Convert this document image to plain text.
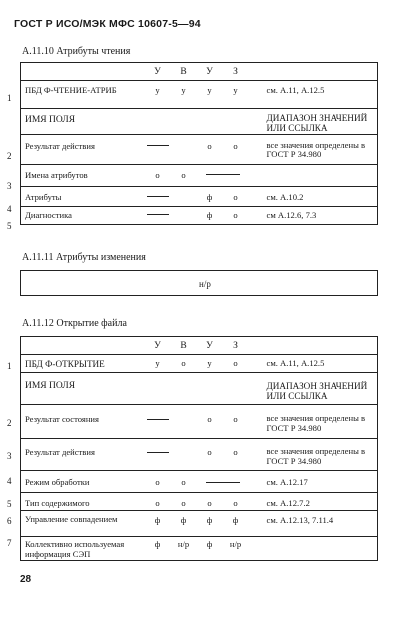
ГОСТ Р ИСО/МЭК МФС 10607-5—94
А.11.10 Атрибуты чтения
	У	В	У	З	
ПБД Ф-ЧТЕНИЕ-АТРИБ	у	у	у	у	см. А.11, А.12.5
ИМЯ ПОЛЯ					ДИАПАЗОН ЗНАЧЕНИЙ ИЛИ ССЫЛКА
Результат действия			о	о	все значения определены в ГОСТ Р 34.980
Имена атрибутов	о	о			
Атрибуты			ф	о	см. А.10.2
Диагностика			ф	о	см А.12.6, 7.3
1
2
3
4
5
А.11.11 Атрибуты изменения
н/р
А.11.12 Открытие файла
	У	В	У	З	
ПБД Ф-ОТКРЫТИЕ	у	о	у	о	см. А.11, А.12.5
ИМЯ ПОЛЯ					ДИАПАЗОН ЗНАЧЕНИЙ ИЛИ ССЫЛКА
Результат состояния			о	о	все значения определены в ГОСТ Р 34.980
Результат действия			о	о	все значения определены в ГОСТ Р 34.980
Режим обработки	о	о			см. А.12.17
Тип содержимого	о	о	о	о	см. А.12.7.2
Управление совпадением	ф	ф	ф	ф	см. А.12.13, 7.11.4
Коллективно используемая информация СЭП	ф	н/р	ф	н/р	
1
2
3
4
5
6
7
28
